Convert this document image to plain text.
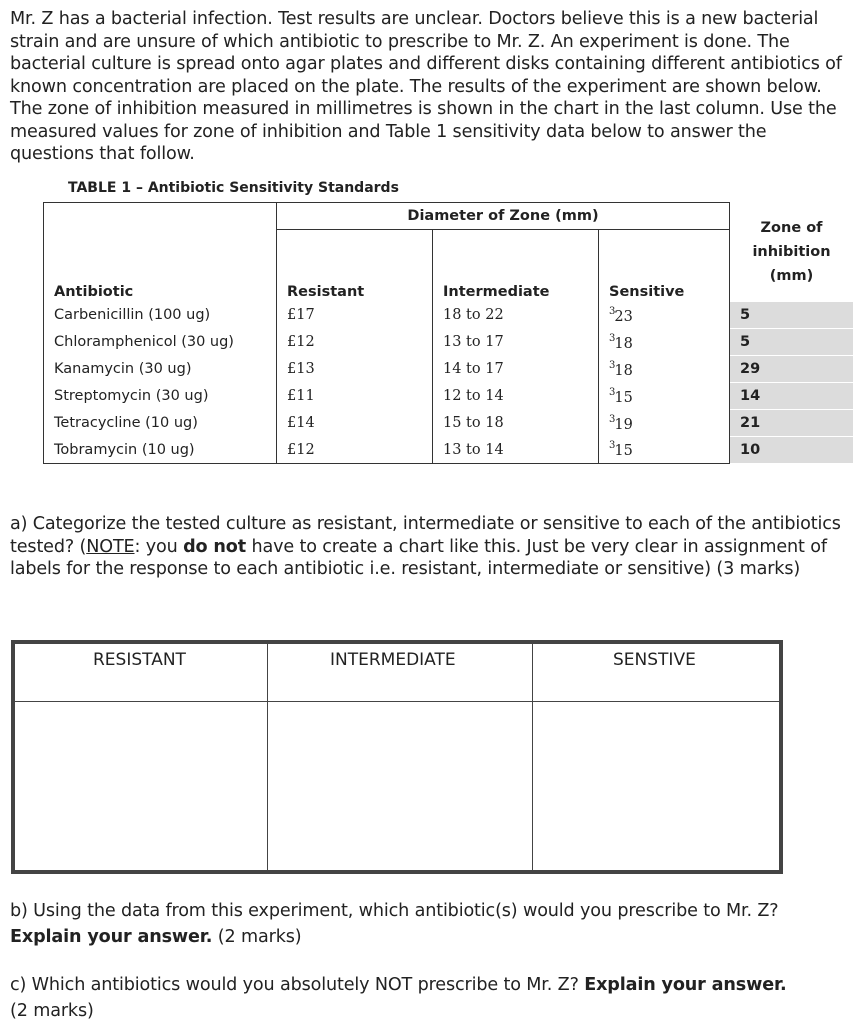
Mr. Z has a bacterial infection. Test results are unclear. Doctors believe this is a new bacterial strain and are unsure of which antibiotic to prescribe to Mr. Z. An experiment is done. The bacterial culture is spread onto agar plates and different disks containing different antibiotics of known concentration are placed on the plate. The results of the experiment are shown below. The zone of inhibition measured in millimetres is shown in the chart in the last column. Use the measured values for zone of inhibition and Table 1 sensitivity data below to answer the questions that follow.
TABLE 1 – Antibiotic Sensitivity Standards
	Diameter of Zone (mm)			Zone of
inhibition
(mm)

Antibiotic	Resistant	Intermediate	Sensitive	
Carbenicillin (100 ug)	£17	18 to 22	$^3$23	5
Chloramphenicol (30 ug)	£12	13 to 17	$^3$18	5
Kanamycin (30 ug)	£13	14 to 17	$^3$18	29
Streptomycin (30 ug)	£11	12 to 14	$^3$15	14
Tetracycline (10 ug)	£14	15 to 18	$^3$19	21
Tobramycin (10 ug)	£12	13 to 14	$^3$15	10
a) Categorize the tested culture as resistant, intermediate or sensitive to each of the antibiotics tested? (NOTE: you do not have to create a chart like this. Just be very clear in assignment of labels for the response to each antibiotic i.e. resistant, intermediate or sensitive) (3 marks)
RESISTANT	INTERMEDIATE	SENSTIVE

b) Using the data from this experiment, which antibiotic(s) would you prescribe to Mr. Z?
Explain your answer. (2 marks)
c) Which antibiotics would you absolutely NOT prescribe to Mr. Z? Explain your answer.
(2 marks)
